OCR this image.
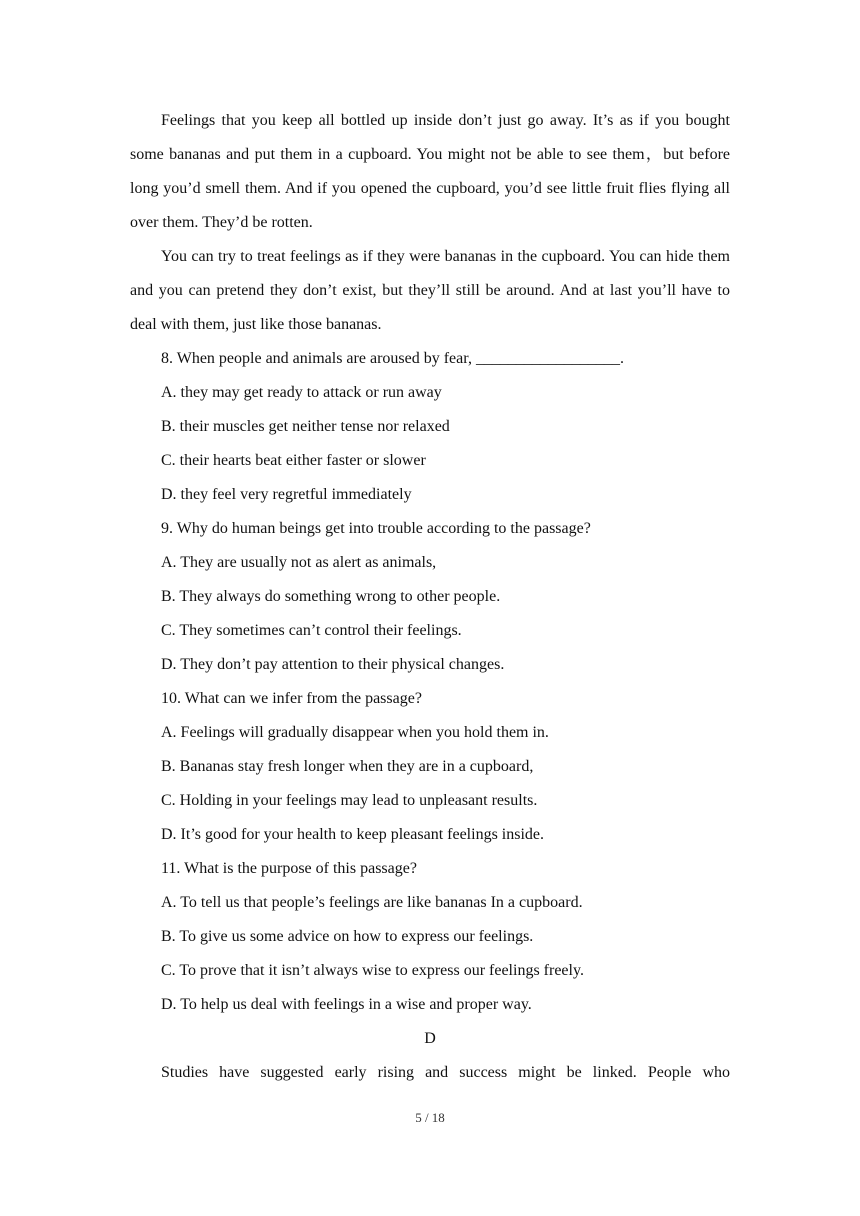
Feelings that you keep all bottled up inside don’t just go away. It’s as if you bought some bananas and put them in a cupboard. You might not be able to see them，but before long you’d smell them. And if you opened the cupboard, you’d see little fruit flies flying all over them. They’d be rotten.

You can try to treat feelings as if they were bananas in the cupboard. You can hide them and you can pretend they don’t exist, but they’ll still be around. And at last you’ll have to deal with them, just like those bananas.

8. When people and animals are aroused by fear, __________________.

A. they may get ready to attack or run away

B. their muscles get neither tense nor relaxed

C. their hearts beat either faster or slower

D. they feel very regretful immediately

9. Why do human beings get into trouble according to the passage?

A. They are usually not as alert as animals,

B. They always do something wrong to other people.

C. They sometimes can’t control their feelings.

D. They don’t pay attention to their physical changes.

10. What can we infer from the passage?

A. Feelings will gradually disappear when you hold them in.

B. Bananas stay fresh longer when they are in a cupboard,

C. Holding in your feelings may lead to unpleasant results.

D. It’s good for your health to keep pleasant feelings inside.

11. What is the purpose of this passage?

A. To tell us that people’s feelings are like bananas In a cupboard.

B. To give us some advice on how to express our feelings.

C. To prove that it isn’t always wise to express our feelings freely.

D. To help us deal with feelings in a wise and proper way.

D

Studies have suggested early rising and success might be linked. People who

5 / 18
